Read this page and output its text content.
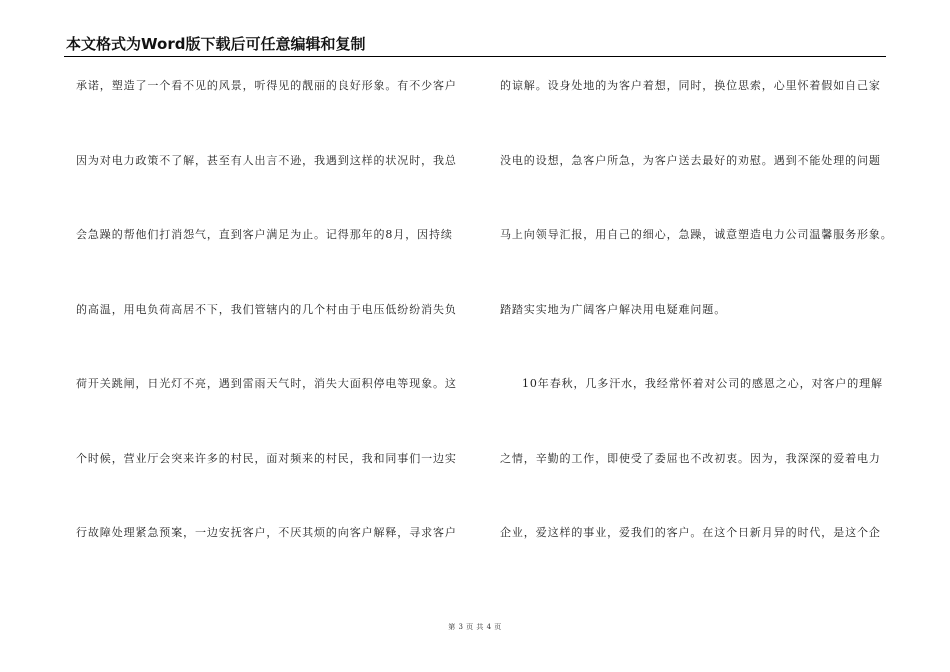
本文格式为Word版下载后可任意编辑和复制
承诺，塑造了一个看不见的风景，听得见的靓丽的良好形象。有不少客户
因为对电力政策不了解，甚至有人出言不逊，我遇到这样的状况时，我总
会急躁的帮他们打消怨气，直到客户满足为止。记得那年的8月，因持续
的高温，用电负荷高居不下，我们管辖内的几个村由于电压低纷纷消失负
荷开关跳闸，日光灯不亮，遇到雷雨天气时，消失大面积停电等现象。这
个时候，营业厅会突来许多的村民，面对频来的村民，我和同事们一边实
行故障处理紧急预案，一边安抚客户，不厌其烦的向客户解释，寻求客户
的谅解。设身处地的为客户着想，同时，换位思索，心里怀着假如自己家
没电的设想，急客户所急，为客户送去最好的劝慰。遇到不能处理的问题
马上向领导汇报，用自己的细心，急躁，诚意塑造电力公司温馨服务形象。
踏踏实实地为广阔客户解决用电疑难问题。
10年春秋，几多汗水，我经常怀着对公司的感恩之心，对客户的理解
之情，辛勤的工作，即使受了委屈也不改初衷。因为，我深深的爱着电力
企业，爱这样的事业，爱我们的客户。在这个日新月异的时代，是这个企
第 3 页 共 4 页
